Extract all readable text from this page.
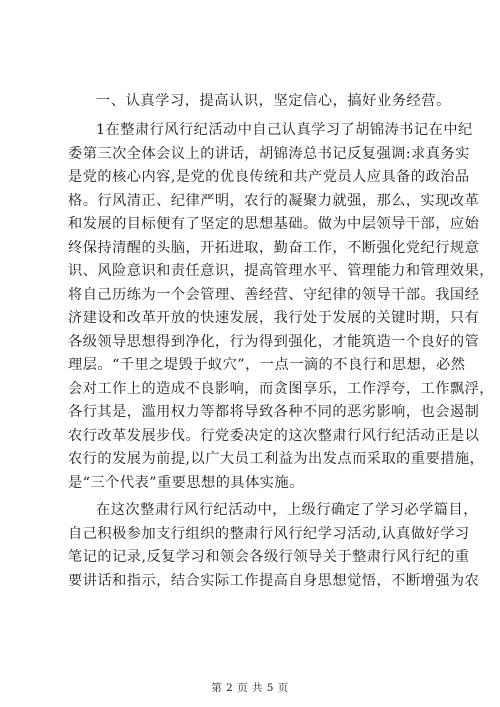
一、认真学习，提高认识，坚定信心，搞好业务经营。
1在整肃行风行纪活动中自己认真学习了胡锦涛书记在中纪
委第三次全体会议上的讲话，胡锦涛总书记反复强调:求真务实
是党的核心内容,是党的优良传统和共产党员人应具备的政治品
格。行风清正、纪律严明，农行的凝聚力就强，那么，实现改革
和发展的目标便有了坚定的思想基础。做为中层领导干部，应始
终保持清醒的头脑，开拓进取，勤奋工作，不断强化党纪行规意
识、风险意识和责任意识，提高管理水平、管理能力和管理效果，
将自己历练为一个会管理、善经营、守纪律的领导干部。我国经
济建设和改革开放的快速发展，我行处于发展的关键时期，只有
各级领导思想得到净化，行为得到强化，才能筑造一个良好的管
理层。“千里之堤毁于蚁穴”，一点一滴的不良行和思想，必然
会对工作上的造成不良影响，而贪图享乐，工作浮夸，工作飘浮，
各行其是，滥用权力等都将导致各种不同的恶劣影响，也会遏制
农行改革发展步伐。行党委决定的这次整肃行风行纪活动正是以
农行的发展为前提,以广大员工利益为出发点而采取的重要措施，
是“三个代表”重要思想的具体实施。
在这次整肃行风行纪活动中，上级行确定了学习必学篇目，
自己积极参加支行组织的整肃行风行纪学习活动,认真做好学习
笔记的记录,反复学习和领会各级行领导关于整肃行风行纪的重
要讲话和指示，结合实际工作提高自身思想觉悟，不断增强为农
第 2 页 共 5 页
